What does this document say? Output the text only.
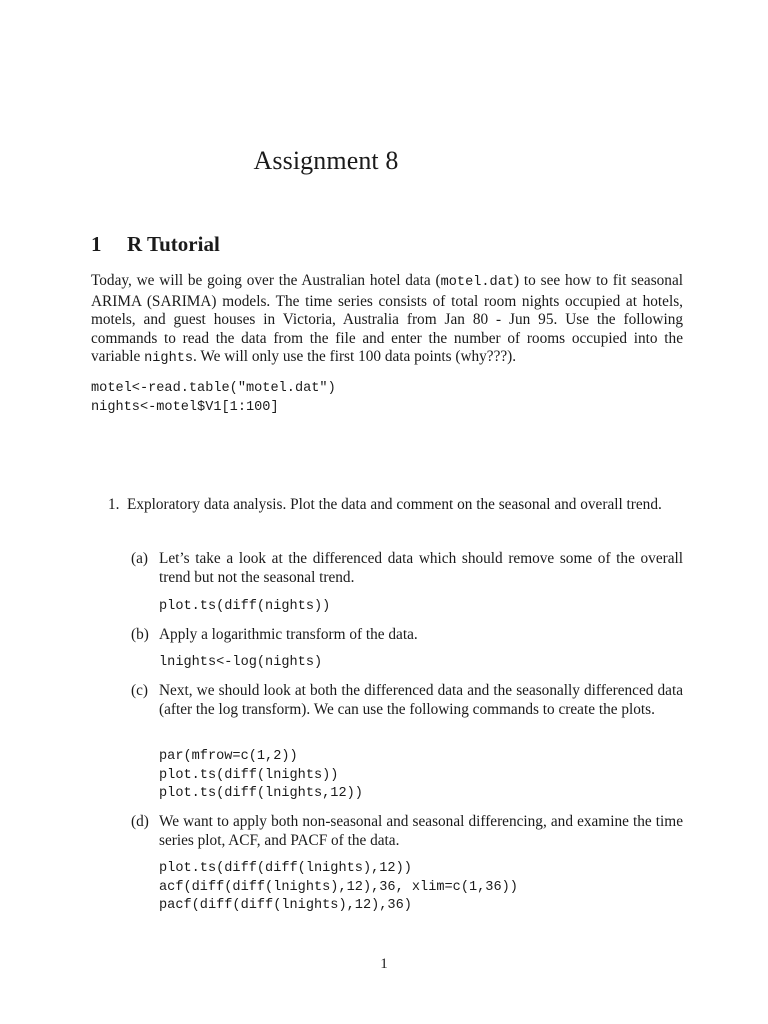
Assignment 8
1 R Tutorial

Today, we will be going over the Australian hotel data (motel.dat) to see how to fit seasonal ARIMA (SARIMA) models. The time series consists of total room nights occupied at hotels, motels, and guest houses in Victoria, Australia from Jan 80 - Jun 95. Use the following commands to read the data from the file and enter the number of rooms occupied into the variable nights. We will only use the first 100 data points (why???).

motel<-read.table("motel.dat")
nights<-motel$V1[1:100]
1. Exploratory data analysis. Plot the data and comment on the seasonal and overall trend.
(a) Let’s take a look at the differenced data which should remove some of the overall trend but not the seasonal trend.
plot.ts(diff(nights))
(b) Apply a logarithmic transform of the data.
lnights<-log(nights)
(c) Next, we should look at both the differenced data and the seasonally differenced data (after the log transform). We can use the following commands to create the plots.
par(mfrow=c(1,2))
plot.ts(diff(lnights))
plot.ts(diff(lnights,12))
(d) We want to apply both non-seasonal and seasonal differencing, and examine the time series plot, ACF, and PACF of the data.
plot.ts(diff(diff(lnights),12))
acf(diff(diff(lnights),12),36, xlim=c(1,36))
pacf(diff(diff(lnights),12),36)
1
